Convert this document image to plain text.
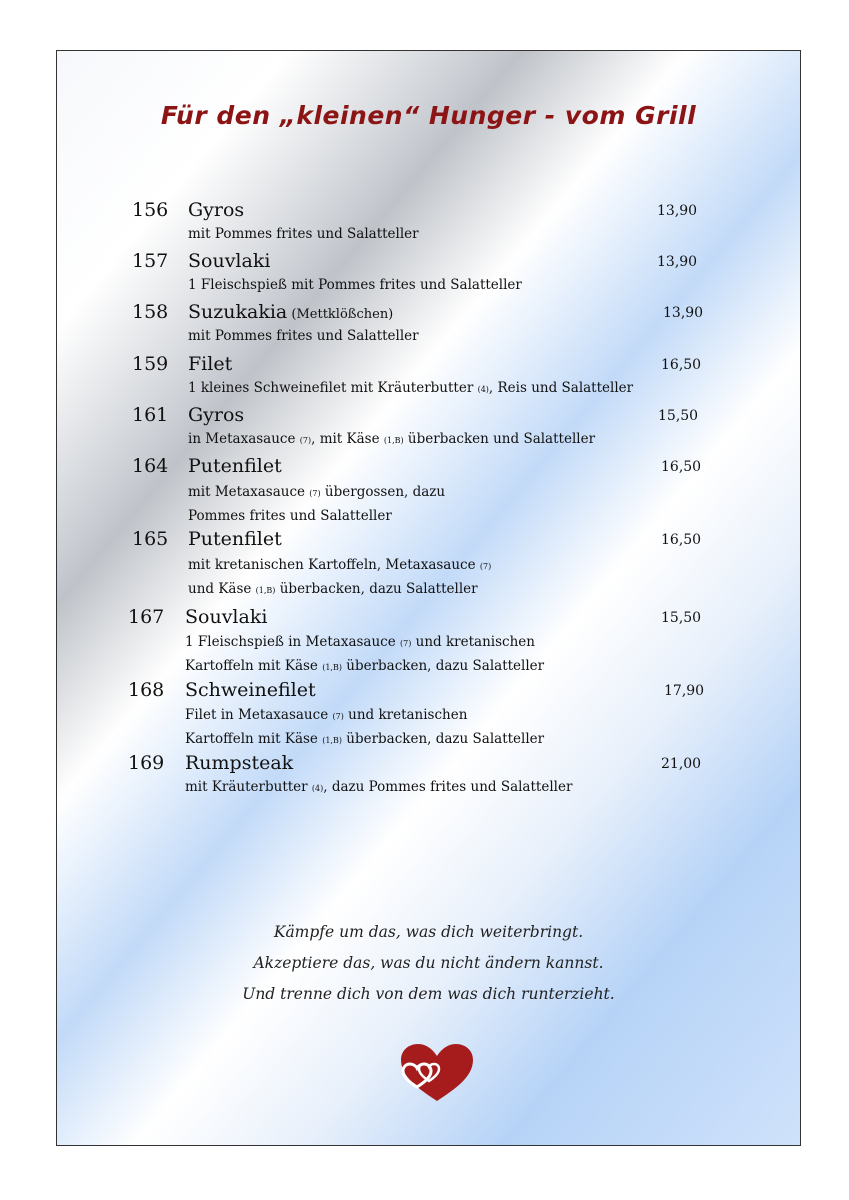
Für den „kleinen“ Hunger - vom Grill
156 Gyros	13,90
mit Pommes frites und Salatteller
157 Souvlaki	13,90
1 Fleischspieß mit Pommes frites und Salatteller
158 Suzukakia (Mettklößchen)	13,90
mit Pommes frites und Salatteller
159 Filet	16,50
1 kleines Schweinefilet mit Kräuterbutter (4), Reis und Salatteller
161 Gyros	15,50
in Metaxasauce (7), mit Käse (1,B) überbacken und Salatteller
164 Putenfilet	16,50
mit Metaxasauce (7) übergossen, dazu
Pommes frites und Salatteller
165 Putenfilet	16,50
mit kretanischen Kartoffeln, Metaxasauce (7)
und Käse (1,B) überbacken, dazu Salatteller
167 Souvlaki	15,50
1 Fleischspieß in Metaxasauce (7) und kretanischen
Kartoffeln mit Käse (1,B) überbacken, dazu Salatteller
168 Schweinefilet	17,90
Filet in Metaxasauce (7) und kretanischen
Kartoffeln mit Käse (1,B) überbacken, dazu Salatteller
169 Rumpsteak	21,00
mit Kräuterbutter (4), dazu Pommes frites und Salatteller
Kämpfe um das, was dich weiterbringt.
Akzeptiere das, was du nicht ändern kannst.
Und trenne dich von dem was dich runterzieht.
